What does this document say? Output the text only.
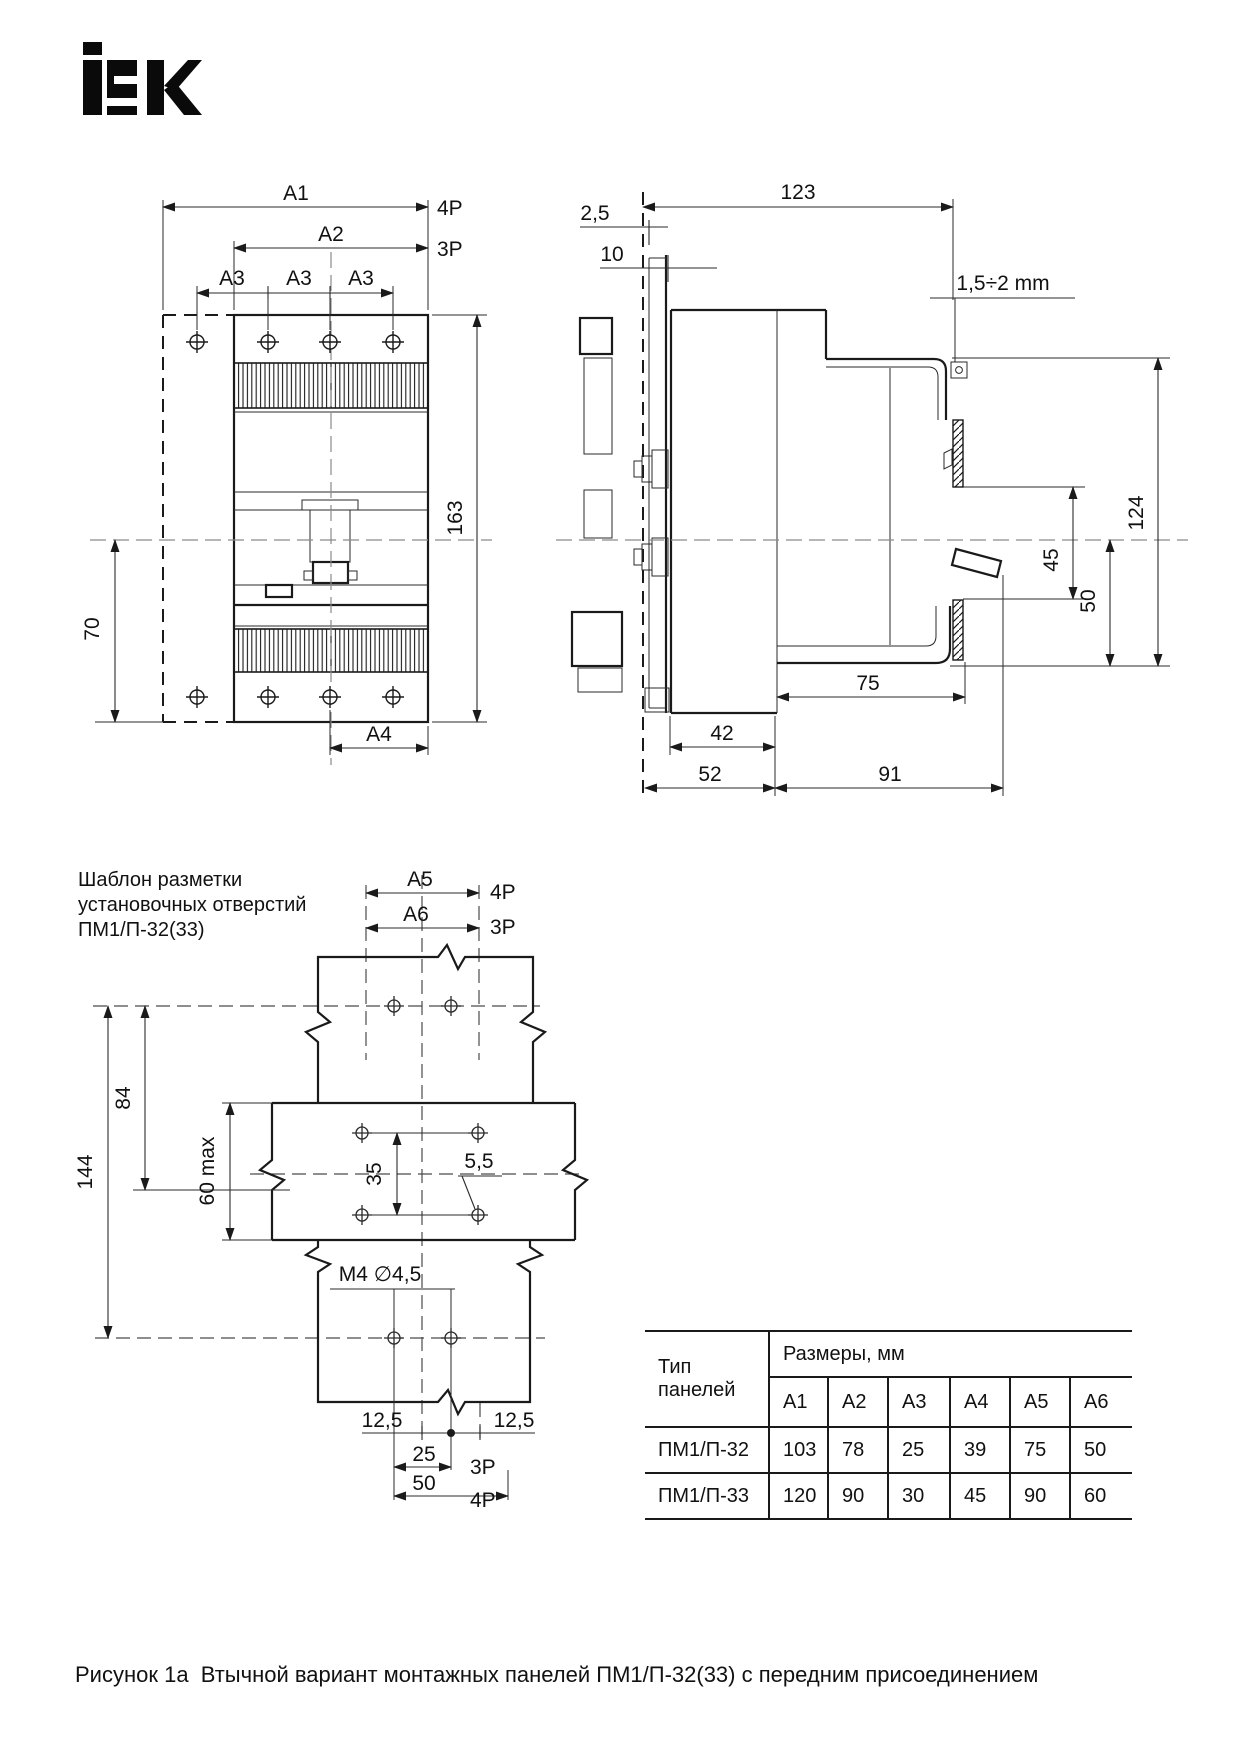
A1
4P
A2
3P
A3 A3 A3
163
70
A4
123
2,5
10
1,5÷2 mm
124
45
50
75
42
52	91
A5
4P
A6
3P
84
144	60 max	35
5,5
M4 ∅4,5
12,5	12,5
25
3P
50
4P
Шаблон разметки
установочных отверстий
ПМ1/П-32(33)
Тип панелей	Размеры, мм					
	A1	A2	A3	A4	A5	A6
ПМ1/П-32	103	78	25	39	75	50
ПМ1/П-33	120	90	30	45	90	60
Рисунок 1а  Втычной вариант монтажных панелей ПМ1/П-32(33) с передним присоединением
